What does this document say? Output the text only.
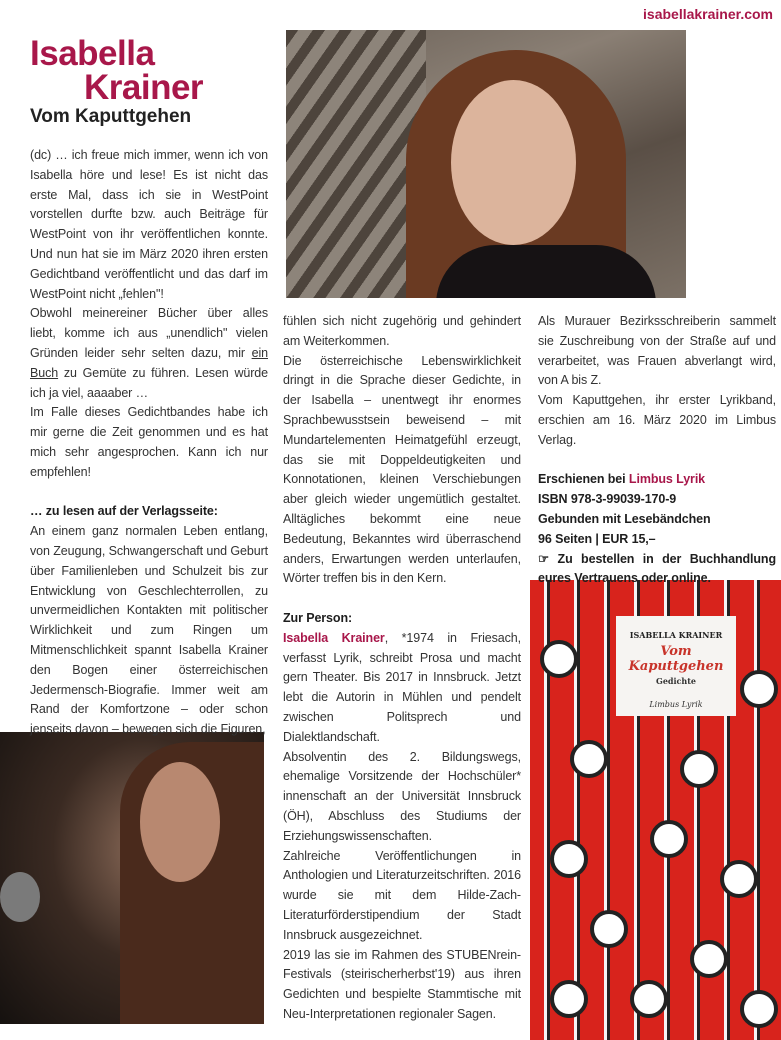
isabellakrainer.com
Isabella
Krainer
Vom Kaputtgehen

(dc) … ich freue mich immer, wenn ich von Isabella höre und lese! Es ist nicht das erste Mal, dass ich sie in WestPoint vorstellen durfte bzw. auch Beiträge für WestPoint von ihr veröffentlichen konnte. Und nun hat sie im März 2020 ihren ersten Gedichtband veröffentlicht und das darf im WestPoint nicht „fehlen"!

Obwohl meinereiner Bücher über alles liebt, komme ich aus „unendlich" vielen Gründen leider sehr selten dazu, mir ein Buch zu Gemüte zu führen. Lesen würde ich ja viel, aaaaber …

Im Falle dieses Gedichtbandes habe ich mir gerne die Zeit genommen und es hat mich sehr angesprochen. Kann ich nur empfehlen!

… zu lesen auf der Verlagsseite:

An einem ganz normalen Leben entlang, von Zeugung, Schwangerschaft und Geburt über Familienleben und Schulzeit bis zur Entwicklung von Geschlechterrollen, zu unvermeidlichen Kontakten mit politischer Wirklichkeit und zum Ringen um Mitmenschlichkeit spannt Isabella Krainer den Bogen einer österreichischen Jedermensch-Biografie. Immer weit am Rand der Komfortzone – oder schon jenseits davon – bewegen sich die Figuren,

fühlen sich nicht zugehörig und gehindert am Weiterkommen.

Die österreichische Lebenswirklichkeit dringt in die Sprache dieser Gedichte, in der Isabella – unentwegt ihr enormes Sprachbewusstsein beweisend – mit Mundartelementen Heimatgefühl erzeugt, das sie mit Doppeldeutigkeiten und Konnotationen, kleinen Verschiebungen aber gleich wieder ungemütlich gestaltet. Alltägliches bekommt eine neue Bedeutung, Bekanntes wird überraschend anders, Erwartungen werden unterlaufen, Wörter treffen bis in den Kern.

Zur Person:

Isabella Krainer, *1974 in Friesach, verfasst Lyrik, schreibt Prosa und macht gern Theater. Bis 2017 in Innsbruck. Jetzt lebt die Autorin in Mühlen und pendelt zwischen Politsprech und Dialektlandschaft.

Absolventin des 2. Bildungswegs, ehemalige Vorsitzende der Hochschüler* innenschaft an der Universität Innsbruck (ÖH), Abschluss des Studiums der Erziehungswissenschaften.

Zahlreiche Veröffentlichungen in Anthologien und Literaturzeitschriften. 2016 wurde sie mit dem Hilde-Zach-Literaturförderstipendium der Stadt Innsbruck ausgezeichnet.

2019 las sie im Rahmen des STUBENrein-Festivals (steirischerherbst'19) aus ihren Gedichten und bespielte Stammtische mit Neu-Interpretationen regionaler Sagen.

Als Murauer Bezirksschreiberin sammelt sie Zuschreibung von der Straße auf und verarbeitet, was Frauen abverlangt wird, von A bis Z.

Vom Kaputtgehen, ihr erster Lyrikband, erschien am 16. März 2020 im Limbus Verlag.

Erschienen bei Limbus Lyrik
ISBN 978-3-99039-170-9
Gebunden mit Lesebändchen
96 Seiten | EUR 15,–
☞ Zu bestellen in der Buchhandlung eures Vertrauens oder online.
ISABELLA KRAINER
Vom Kaputtgehen
Gedichte
Limbus Lyrik
